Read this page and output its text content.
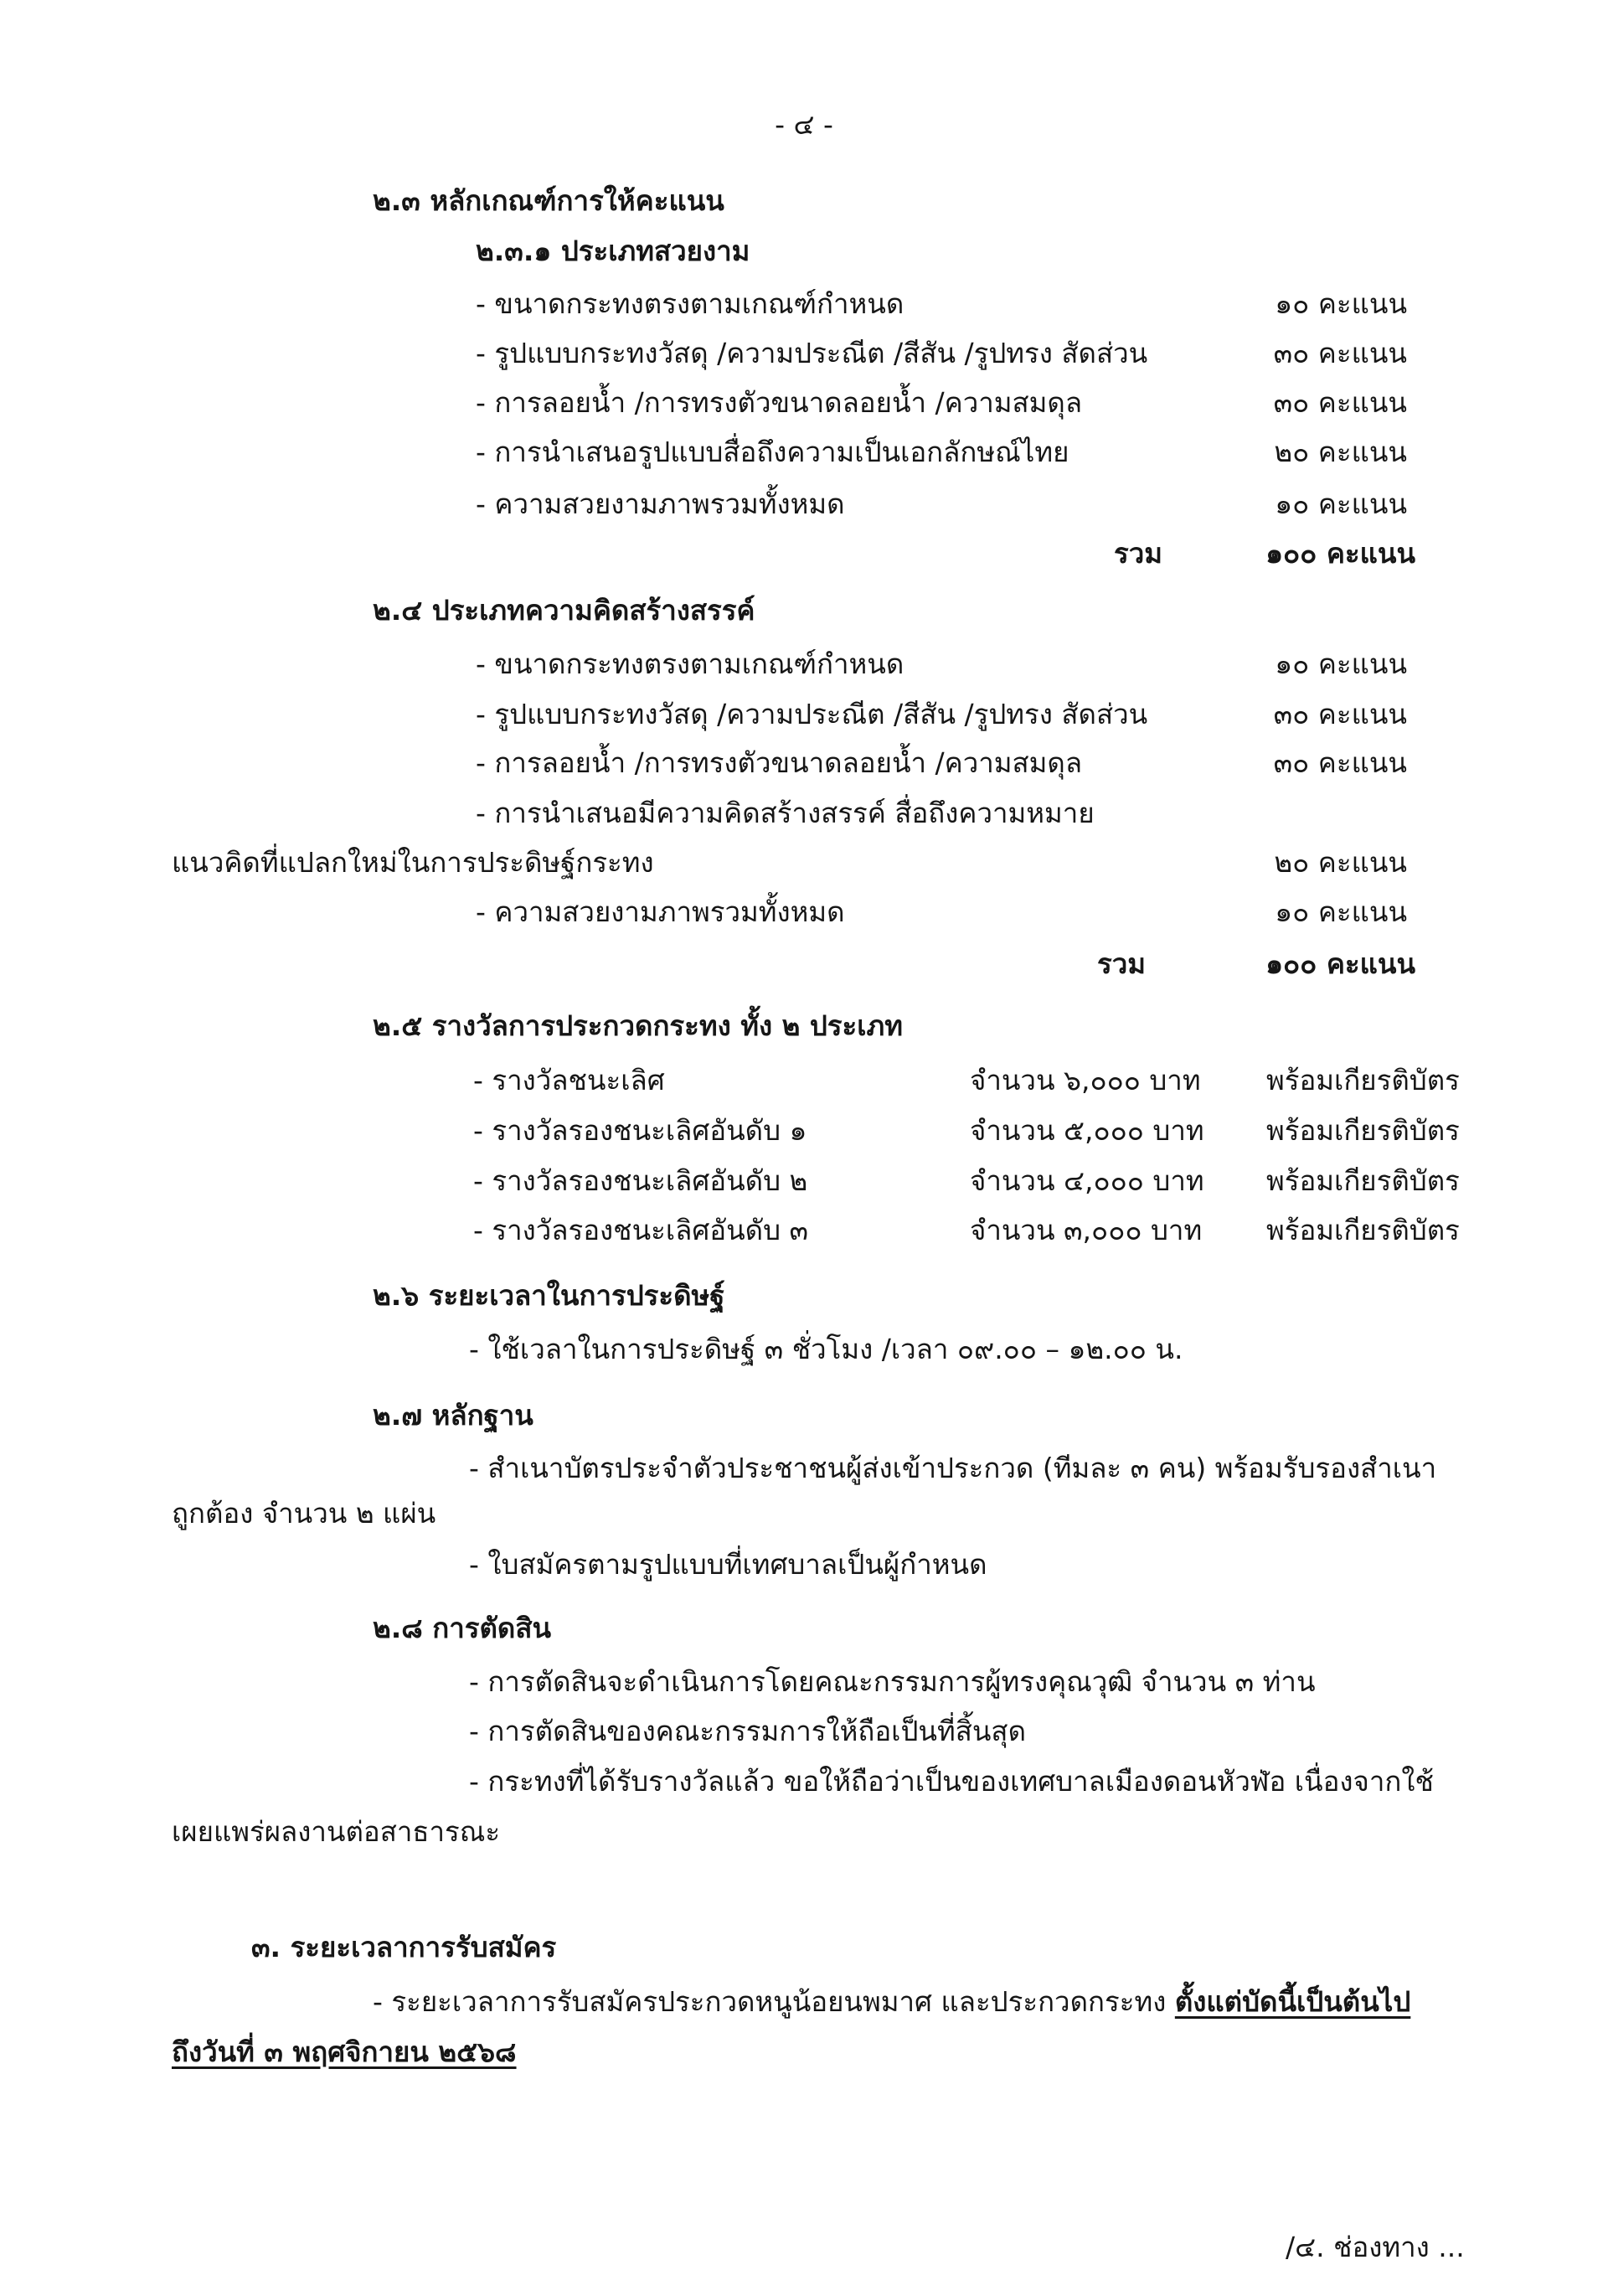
- ๔ -
๒.๓ หลักเกณฑ์การให้คะแนน
๒.๓.๑ ประเภทสวยงาม
- ขนาดกระทงตรงตามเกณฑ์กำหนด	๑๐ คะแนน
- รูปแบบกระทงวัสดุ /ความประณีต /สีสัน /รูปทรง สัดส่วน	๓๐ คะแนน
- การลอยน้ำ /การทรงตัวขนาดลอยน้ำ /ความสมดุล	๓๐ คะแนน
- การนำเสนอรูปแบบสื่อถึงความเป็นเอกลักษณ์ไทย	๒๐ คะแนน
- ความสวยงามภาพรวมทั้งหมด	๑๐ คะแนน
รวม	๑๐๐ คะแนน
๒.๔ ประเภทความคิดสร้างสรรค์
- ขนาดกระทงตรงตามเกณฑ์กำหนด	๑๐ คะแนน
- รูปแบบกระทงวัสดุ /ความประณีต /สีสัน /รูปทรง สัดส่วน	๓๐ คะแนน
- การลอยน้ำ /การทรงตัวขนาดลอยน้ำ /ความสมดุล	๓๐ คะแนน
- การนำเสนอมีความคิดสร้างสรรค์ สื่อถึงความหมาย
แนวคิดที่แปลกใหม่ในการประดิษฐ์กระทง	๒๐ คะแนน
- ความสวยงามภาพรวมทั้งหมด	๑๐ คะแนน
รวม	๑๐๐ คะแนน
๒.๕ รางวัลการประกวดกระทง ทั้ง ๒ ประเภท
- รางวัลชนะเลิศ	จำนวน ๖,๐๐๐ บาท พร้อมเกียรติบัตร
- รางวัลรองชนะเลิศอันดับ ๑	จำนวน ๕,๐๐๐ บาท พร้อมเกียรติบัตร
- รางวัลรองชนะเลิศอันดับ ๒	จำนวน ๔,๐๐๐ บาท พร้อมเกียรติบัตร
- รางวัลรองชนะเลิศอันดับ ๓	จำนวน ๓,๐๐๐ บาท พร้อมเกียรติบัตร
๒.๖ ระยะเวลาในการประดิษฐ์
- ใช้เวลาในการประดิษฐ์ ๓ ชั่วโมง /เวลา ๐๙.๐๐ – ๑๒.๐๐ น.
๒.๗ หลักฐาน
- สำเนาบัตรประจำตัวประชาชนผู้ส่งเข้าประกวด (ทีมละ ๓ คน) พร้อมรับรองสำเนา
ถูกต้อง จำนวน ๒ แผ่น
- ใบสมัครตามรูปแบบที่เทศบาลเป็นผู้กำหนด
๒.๘ การตัดสิน
- การตัดสินจะดำเนินการโดยคณะกรรมการผู้ทรงคุณวุฒิ จำนวน ๓ ท่าน
- การตัดสินของคณะกรรมการให้ถือเป็นที่สิ้นสุด
- กระทงที่ได้รับรางวัลแล้ว ขอให้ถือว่าเป็นของเทศบาลเมืองดอนหัวฬ่อ เนื่องจากใช้
เผยแพร่ผลงานต่อสาธารณะ
๓. ระยะเวลาการรับสมัคร
- ระยะเวลาการรับสมัครประกวดหนูน้อยนพมาศ และประกวดกระทง ตั้งแต่บัดนี้เป็นต้นไป
ถึงวันที่ ๓ พฤศจิกายน ๒๕๖๘
/๔. ช่องทาง ...
